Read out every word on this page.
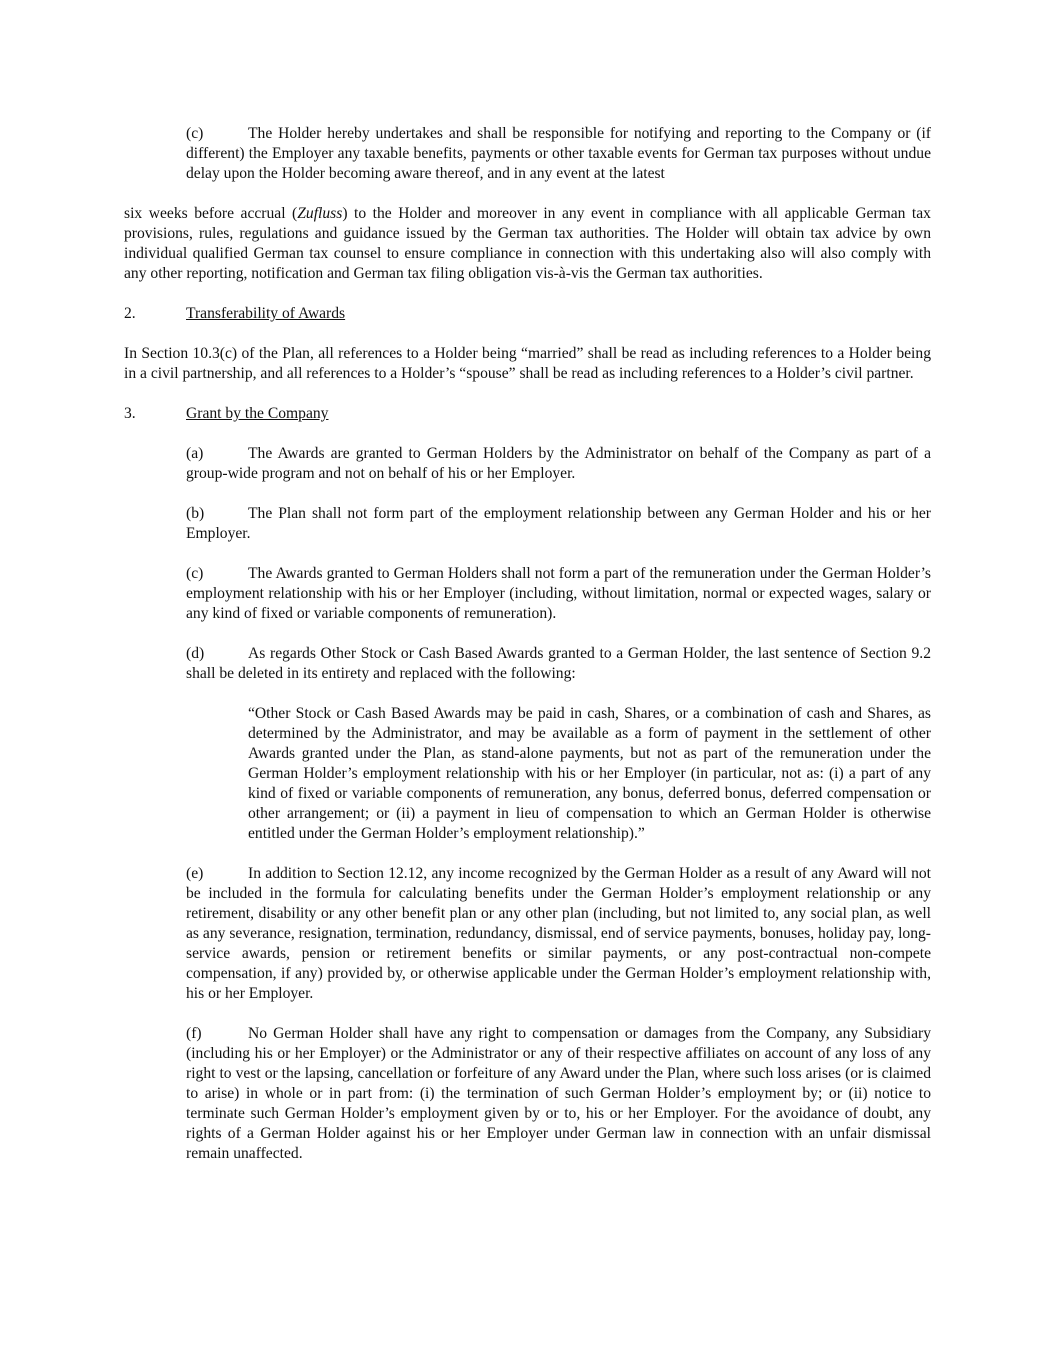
(c)	The Holder hereby undertakes and shall be responsible for notifying and reporting to the Company or (if different) the Employer any taxable benefits, payments or other taxable events for German tax purposes without undue delay upon the Holder becoming aware thereof, and in any event at the latest

six weeks before accrual (Zufluss) to the Holder and moreover in any event in compliance with all applicable German tax provisions, rules, regulations and guidance issued by the German tax authorities. The Holder will obtain tax advice by own individual qualified German tax counsel to ensure compliance in connection with this undertaking also will also comply with any other reporting, notification and German tax filing obligation vis-à-vis the German tax authorities.

2.	Transferability of Awards

In Section 10.3(c) of the Plan, all references to a Holder being “married” shall be read as including references to a Holder being in a civil partnership, and all references to a Holder’s “spouse” shall be read as including references to a Holder’s civil partner.

3.	Grant by the Company

(a)	The Awards are granted to German Holders by the Administrator on behalf of the Company as part of a group-wide program and not on behalf of his or her Employer.

(b)	The Plan shall not form part of the employment relationship between any German Holder and his or her Employer.

(c)	The Awards granted to German Holders shall not form a part of the remuneration under the German Holder’s employment relationship with his or her Employer (including, without limitation, normal or expected wages, salary or any kind of fixed or variable components of remuneration).

(d)	As regards Other Stock or Cash Based Awards granted to a German Holder, the last sentence of Section 9.2 shall be deleted in its entirety and replaced with the following:

“Other Stock or Cash Based Awards may be paid in cash, Shares, or a combination of cash and Shares, as determined by the Administrator, and may be available as a form of payment in the settlement of other Awards granted under the Plan, as stand-alone payments, but not as part of the remuneration under the German Holder’s employment relationship with his or her Employer (in particular, not as: (i) a part of any kind of fixed or variable components of remuneration, any bonus, deferred bonus, deferred compensation or other arrangement; or (ii) a payment in lieu of compensation to which an German Holder is otherwise entitled under the German Holder’s employment relationship).”

(e)	In addition to Section 12.12, any income recognized by the German Holder as a result of any Award will not be included in the formula for calculating benefits under the German Holder’s employment relationship or any retirement, disability or any other benefit plan or any other plan (including, but not limited to, any social plan, as well as any severance, resignation, termination, redundancy, dismissal, end of service payments, bonuses, holiday pay, long-service awards, pension or retirement benefits or similar payments, or any post-contractual non-compete compensation, if any) provided by, or otherwise applicable under the German Holder’s employment relationship with, his or her Employer.

(f)	No German Holder shall have any right to compensation or damages from the Company, any Subsidiary (including his or her Employer) or the Administrator or any of their respective affiliates on account of any loss of any right to vest or the lapsing, cancellation or forfeiture of any Award under the Plan, where such loss arises (or is claimed to arise) in whole or in part from: (i) the termination of such German Holder’s employment by; or (ii) notice to terminate such German Holder’s employment given by or to, his or her Employer. For the avoidance of doubt, any rights of a German Holder against his or her Employer under German law in connection with an unfair dismissal remain unaffected.
